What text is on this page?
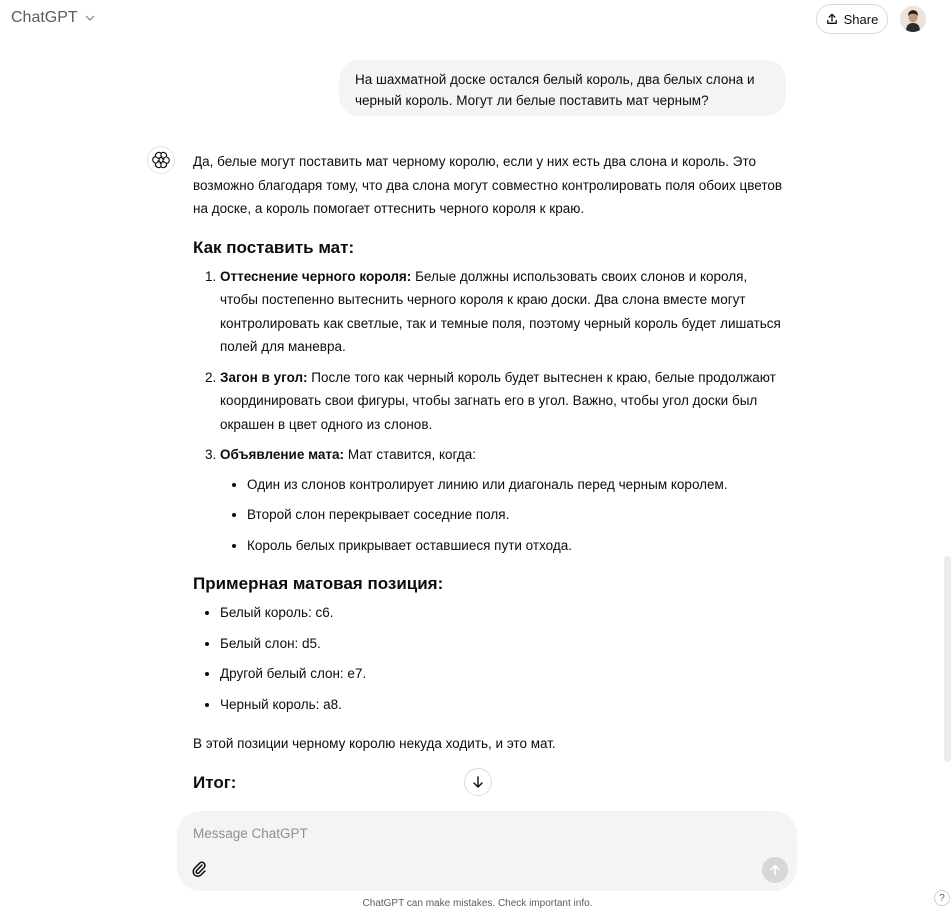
ChatGPT	Share
На шахматной доске остался белый король, два белых слона и черный король. Могут ли белые поставить мат черным?

Да, белые могут поставить мат черному королю, если у них есть два слона и король. Это возможно благодаря тому, что два слона могут совместно контролировать поля обоих цветов на доске, а король помогает оттеснить черного короля к краю.

Как поставить мат:
1. Оттеснение черного короля: Белые должны использовать своих слонов и короля, чтобы постепенно вытеснить черного короля к краю доски. Два слона вместе могут контролировать как светлые, так и темные поля, поэтому черный король будет лишаться полей для маневра.
2. Загон в угол: После того как черный король будет вытеснен к краю, белые продолжают координировать свои фигуры, чтобы загнать его в угол. Важно, чтобы угол доски был окрашен в цвет одного из слонов.
3. Объявление мата: Мат ставится, когда:
• Один из слонов контролирует линию или диагональ перед черным королем.
• Второй слон перекрывает соседние поля.
• Король белых прикрывает оставшиеся пути отхода.
Примерная матовая позиция:
• Белый король: c6.
• Белый слон: d5.
• Другой белый слон: e7.
• Черный король: a8.

В этой позиции черному королю некуда ходить, и это мат.

Итог:
Message ChatGPT
ChatGPT can make mistakes. Check important info.	?
